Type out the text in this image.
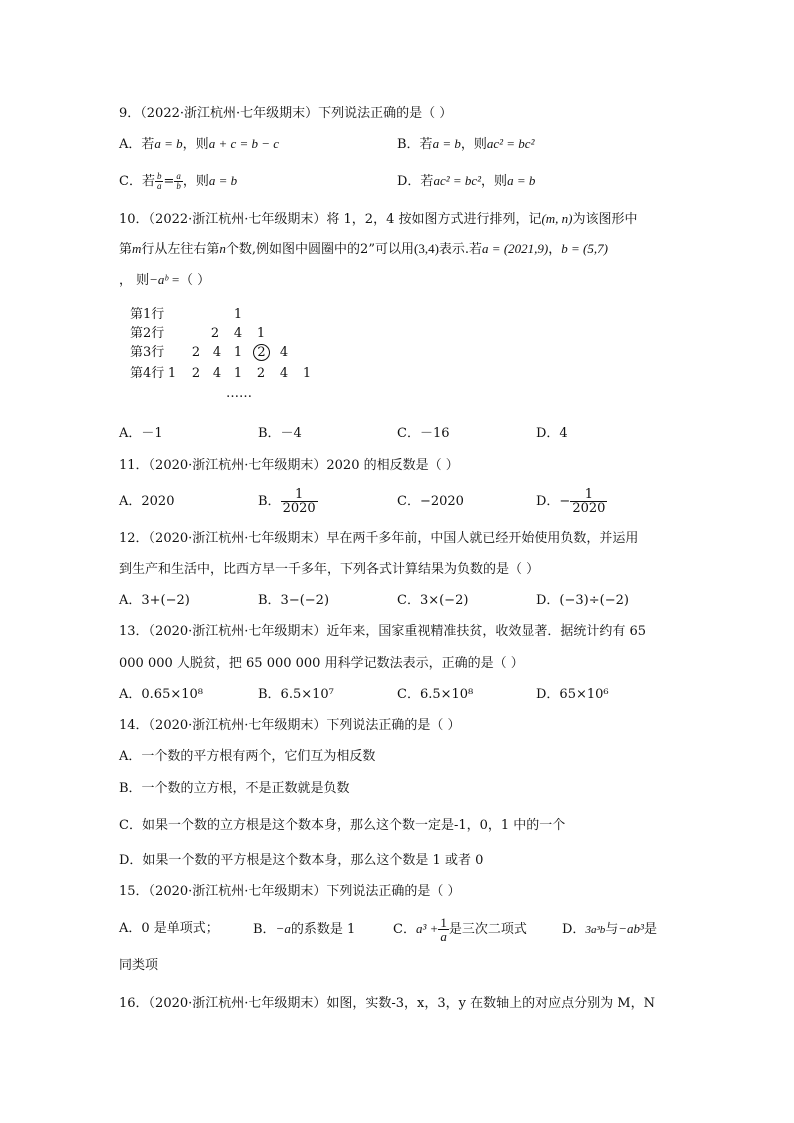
9．（2022·浙江杭州·七年级期末）下列说法正确的是（ ）
A．若a = b，则a + c = b − c	B．若a = b，则ac² = bc²
C．若 $\frac{b}{a} = \frac{a}{b}$ ，则a = b	D．若ac² = bc²，则a = b
10．（2022·浙江杭州·七年级期末）将 1，2，4 按如图方式进行排列，记(m, n)为该图形中
第m行从左往右第n个数,例如图中圆圈中的2”可以用(3,4)表示.若a = (2021,9)，b = (5,7)
， 则−aᵇ =（ ）
第1行	1
第2行	2 4 1
第3行 2 4 1	2 4
第4行 1 2 4 1 2 4 1
……
A．－1	B．－4	C．－16	D．4
11．（2020·浙江杭州·七年级期末）2020 的相反数是（ ）
A．2020	B． $\frac{1}{2020}$	C．−2020	D．− $\frac{1}{2020}$
12．（2020·浙江杭州·七年级期末）早在两千多年前，中国人就已经开始使用负数，并运用
到生产和生活中，比西方早一千多年，下列各式计算结果为负数的是（ ）
A．3+(−2)	B．3−(−2)	C．3×(−2)	D．(−3)÷(−2)
13．（2020·浙江杭州·七年级期末）近年来，国家重视精准扶贫，收效显著．据统计约有 65
000 000 人脱贫，把 65 000 000 用科学记数法表示，正确的是（ ）
A．0.65×10⁸	B．6.5×10⁷	C．6.5×10⁸	D．65×10⁶
14．（2020·浙江杭州·七年级期末）下列说法正确的是（ ）
A．一个数的平方根有两个，它们互为相反数
B．一个数的立方根，不是正数就是负数
C．如果一个数的立方根是这个数本身，那么这个数一定是-1，0，1 中的一个
D．如果一个数的平方根是这个数本身，那么这个数是 1 或者 0
15．（2020·浙江杭州·七年级期末）下列说法正确的是（ ）
A．0 是单项式；	B．−a的系数是 1	C．$a^3 + \frac{1}{a}$ 是三次二项式	D．3a³b与−ab³是
同类项
16．（2020·浙江杭州·七年级期末）如图，实数-3，x，3，y 在数轴上的对应点分别为 M，N
